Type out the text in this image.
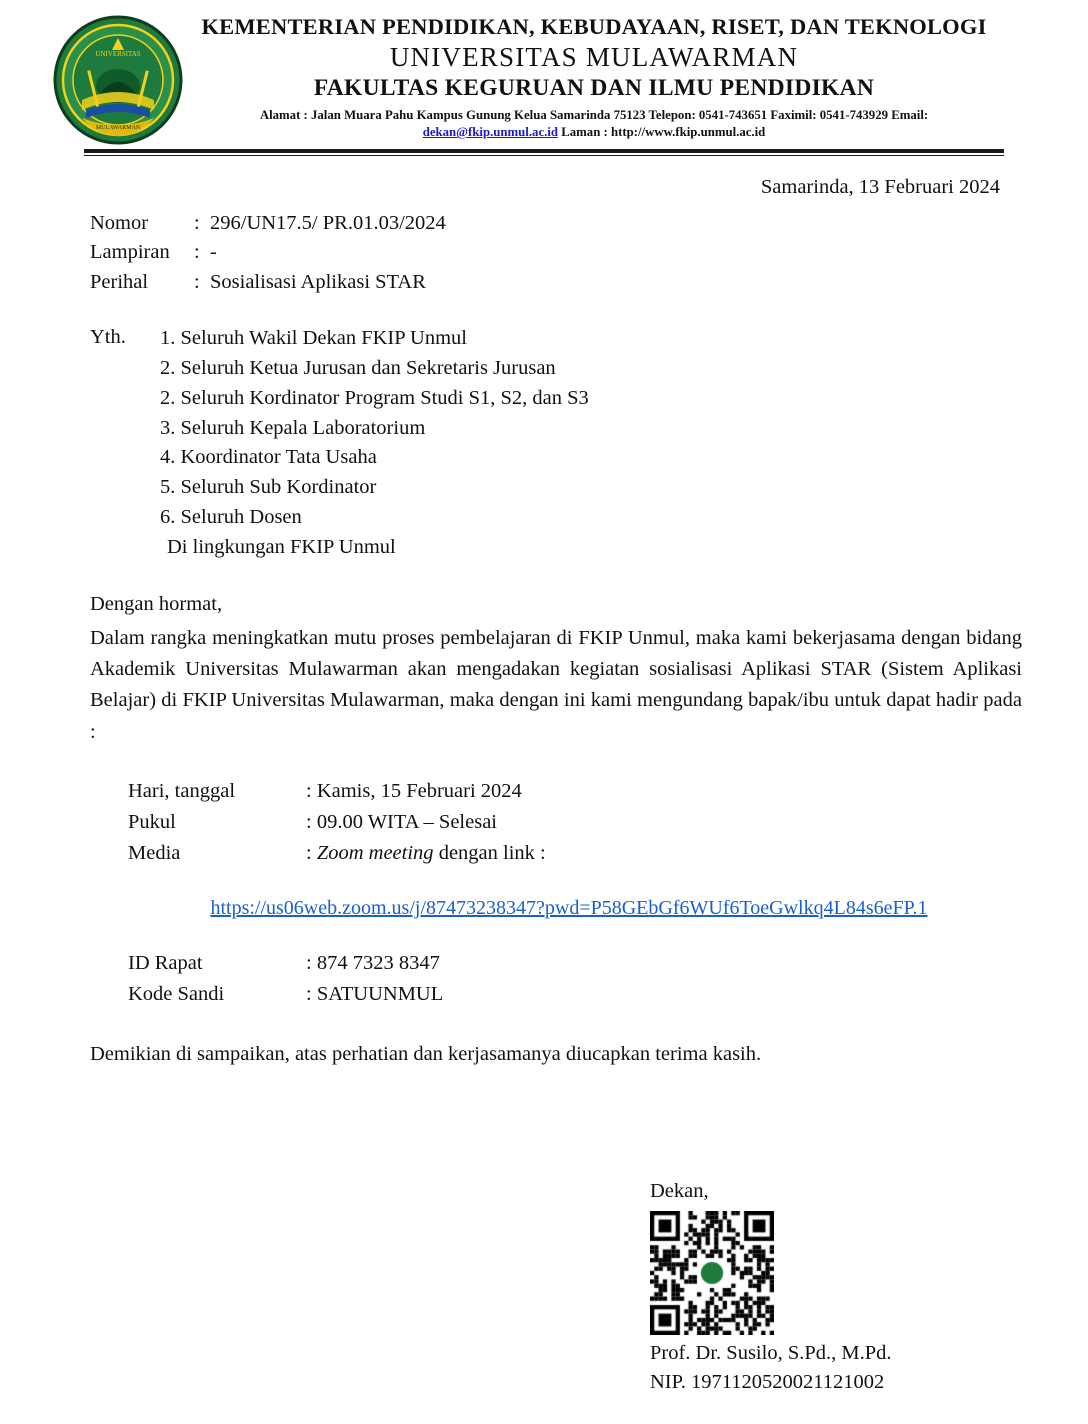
UNIVERSITAS
MULAWARMAN
KEMENTERIAN PENDIDIKAN, KEBUDAYAAN, RISET, DAN TEKNOLOGI
UNIVERSITAS MULAWARMAN
FAKULTAS KEGURUAN DAN ILMU PENDIDIKAN
Alamat : Jalan Muara Pahu Kampus Gunung Kelua Samarinda 75123 Telepon: 0541-743651 Faximil: 0541-743929 Email:
dekan@fkip.unmul.ac.id Laman : http://www.fkip.unmul.ac.id
Samarinda, 13 Februari 2024
Nomor	: 296/UN17.5/ PR.01.03/2024
Lampiran	: -
Perihal	: Sosialisasi Aplikasi STAR
Yth.	1. Seluruh Wakil Dekan FKIP Unmul
2. Seluruh Ketua Jurusan dan Sekretaris Jurusan
2. Seluruh Kordinator Program Studi S1, S2, dan S3
3. Seluruh Kepala Laboratorium
4. Koordinator Tata Usaha
5. Seluruh Sub Kordinator
6. Seluruh Dosen
Di lingkungan FKIP Unmul
Dengan hormat,
Dalam rangka meningkatkan mutu proses pembelajaran di FKIP Unmul, maka kami bekerjasama dengan bidang Akademik Universitas Mulawarman akan mengadakan kegiatan sosialisasi Aplikasi STAR (Sistem Aplikasi Belajar) di FKIP Universitas Mulawarman, maka dengan ini kami mengundang bapak/ibu untuk dapat hadir pada :
Hari, tanggal	: Kamis, 15 Februari 2024
Pukul	: 09.00 WITA – Selesai
Media	: Zoom meeting dengan link :
https://us06web.zoom.us/j/87473238347?pwd=P58GEbGf6WUf6ToeGwlkq4L84s6eFP.1
ID Rapat	: 874 7323 8347
Kode Sandi	: SATUUNMUL
Demikian di sampaikan, atas perhatian dan kerjasamanya diucapkan terima kasih.
Dekan,
Prof. Dr. Susilo, S.Pd., M.Pd.
NIP. 1971120520021121002
